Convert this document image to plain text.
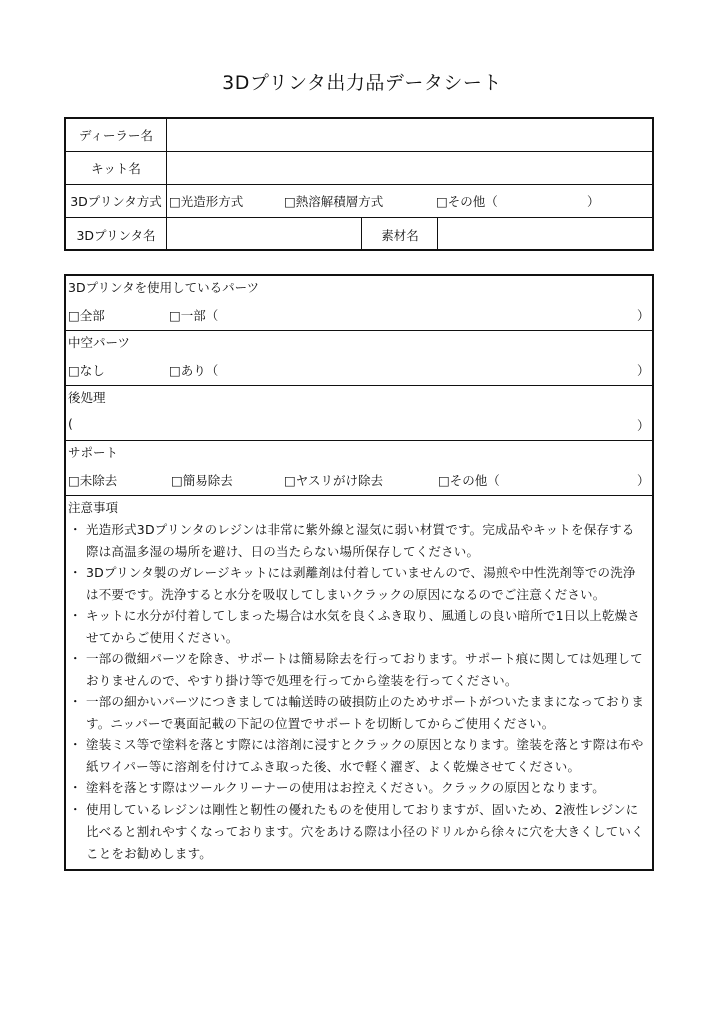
3Dプリンタ出力品データシート
ディーラー名
キット名
3Dプリンタ方式 □光造形方式	□熱溶解積層方式	□その他（	）
3Dプリンタ名	素材名
3Dプリンタを使用しているパーツ
□全部	□一部（	）
中空パーツ
□なし	□あり（	）
後処理
(	）
サポート
□未除去	□簡易除去	□ヤスリがけ除去	□その他（	）
注意事項
・ 光造形式3Dプリンタのレジンは非常に紫外線と湿気に弱い材質です。完成品やキットを保存する
際は高温多湿の場所を避け、日の当たらない場所保存してください。
・ 3Dプリンタ製のガレージキットには剥離剤は付着していませんので、湯煎や中性洗剤等での洗浄
は不要です。洗浄すると水分を吸収してしまいクラックの原因になるのでご注意ください。
・ キットに水分が付着してしまった場合は水気を良くふき取り、風通しの良い暗所で1日以上乾燥さ
せてからご使用ください。
・ 一部の微細パーツを除き、サポートは簡易除去を行っております。サポート痕に関しては処理して
おりませんので、やすり掛け等で処理を行ってから塗装を行ってください。
・ 一部の細かいパーツにつきましては輸送時の破損防止のためサポートがついたままになっておりま
す。ニッパーで裏面記載の下記の位置でサポートを切断してからご使用ください。
・ 塗装ミス等で塗料を落とす際には溶剤に浸すとクラックの原因となります。塗装を落とす際は布や
紙ワイパー等に溶剤を付けてふき取った後、水で軽く濯ぎ、よく乾燥させてください。
・ 塗料を落とす際はツールクリーナーの使用はお控えください。クラックの原因となります。
・ 使用しているレジンは剛性と靭性の優れたものを使用しておりますが、固いため、2液性レジンに
比べると割れやすくなっております。穴をあける際は小径のドリルから徐々に穴を大きくしていく
ことをお勧めします。
